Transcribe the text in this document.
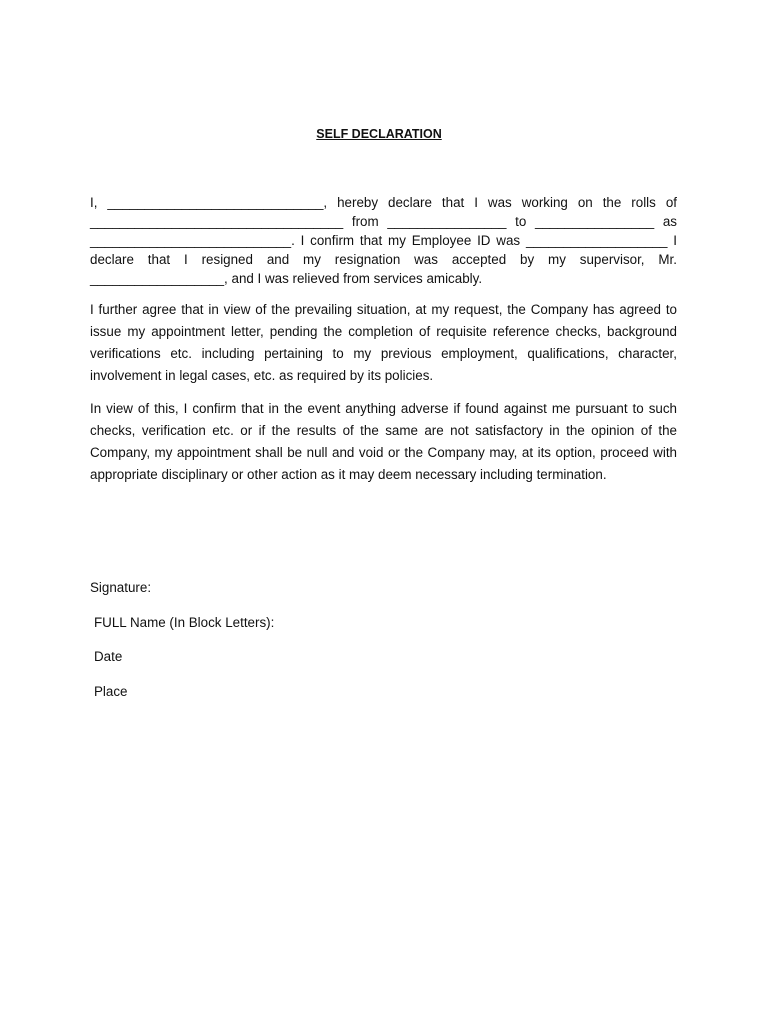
SELF DECLARATION

I, _____________________________, hereby declare that I was working on the rolls of __________________________________ from ________________ to ________________ as ___________________________. I confirm that my Employee ID was ___________________ I declare that I resigned and my resignation was accepted by my supervisor, Mr. __________________, and I was relieved from services amicably.

I further agree that in view of the prevailing situation, at my request, the Company has agreed to issue my appointment letter, pending the completion of requisite reference checks, background verifications etc. including pertaining to my previous employment, qualifications, character, involvement in legal cases, etc. as required by its policies.

In view of this, I confirm that in the event anything adverse if found against me pursuant to such checks, verification etc. or if the results of the same are not satisfactory in the opinion of the Company, my appointment shall be null and void or the Company may, at its option, proceed with appropriate disciplinary or other action as it may deem necessary including termination.

Signature:

FULL Name (In Block Letters):

Date

Place
